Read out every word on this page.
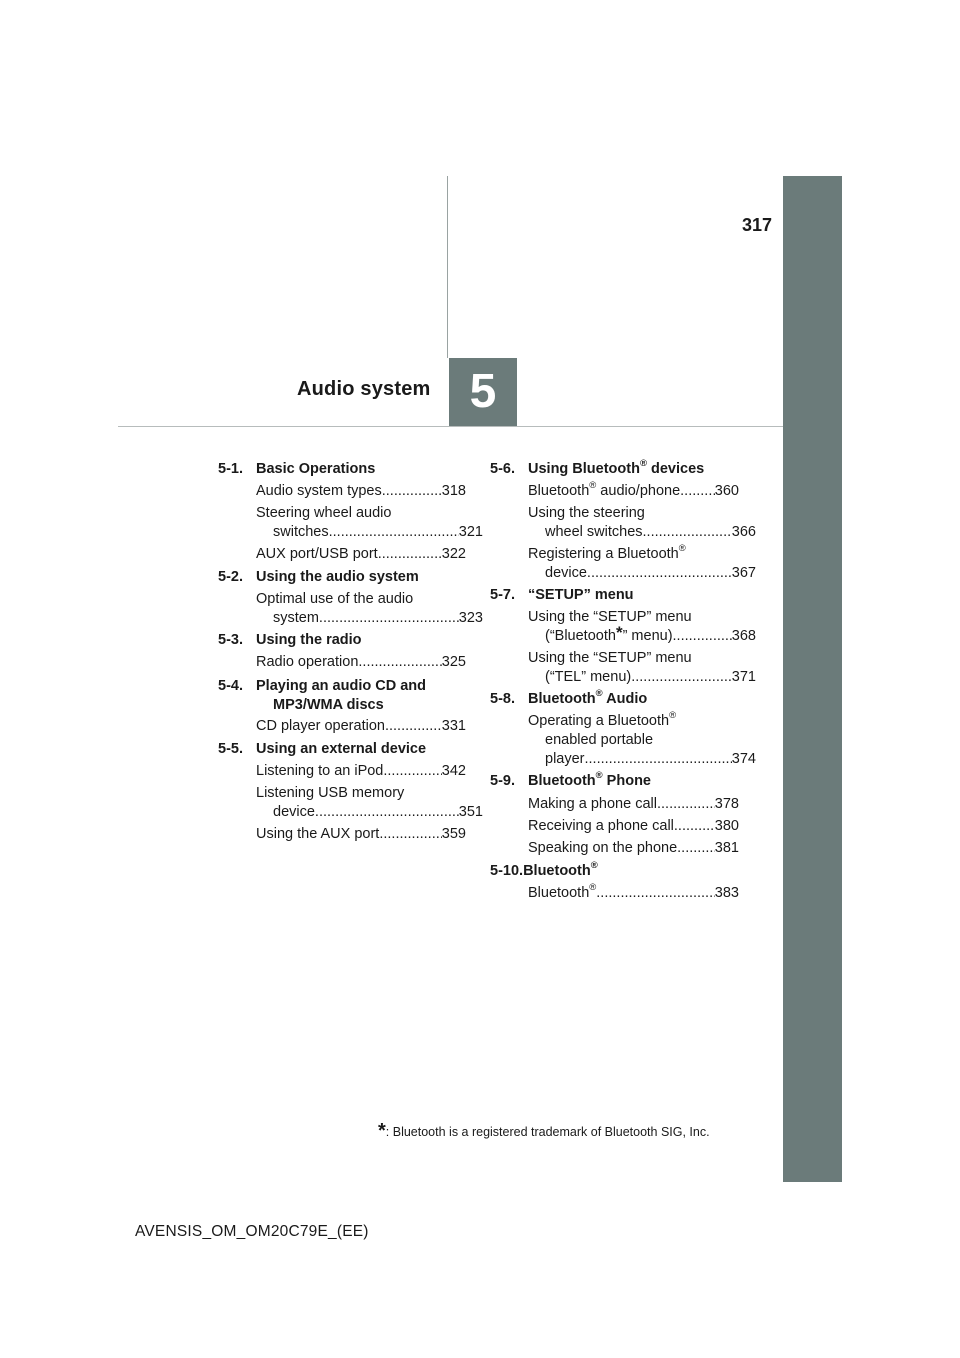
317
Audio system 5
5-1. Basic Operations
Audio system types .....	318
Steering wheel audio
switches .....	321
AUX port/USB port .....	322
5-2. Using the audio system
Optimal use of the audio
system .....	323
5-3. Using the radio
Radio operation .....	325
5-4. Playing an audio CD and
MP3/WMA discs
CD player operation .....	331
5-5. Using an external device
Listening to an iPod .....	342
Listening USB memory
device .....	351
Using the AUX port .....	359
5-6. Using Bluetooth® devices
Bluetooth® audio/phone ..... 360
Using the steering
wheel switches .....	366
Registering a Bluetooth®
device .....	367
5-7. “SETUP” menu
Using the “SETUP” menu
(“Bluetooth*” menu) .....	368
Using the “SETUP” menu
(“TEL” menu) .....	371
5-8. Bluetooth® Audio
Operating a Bluetooth®
enabled portable
player .....	374
5-9. Bluetooth® Phone
Making a phone call .....	378
Receiving a phone call .....	380
Speaking on the phone .....	381
5-10.Bluetooth®
Bluetooth® .....	383
*: Bluetooth is a registered trademark of Bluetooth SIG, Inc.
AVENSIS_OM_OM20C79E_(EE)
